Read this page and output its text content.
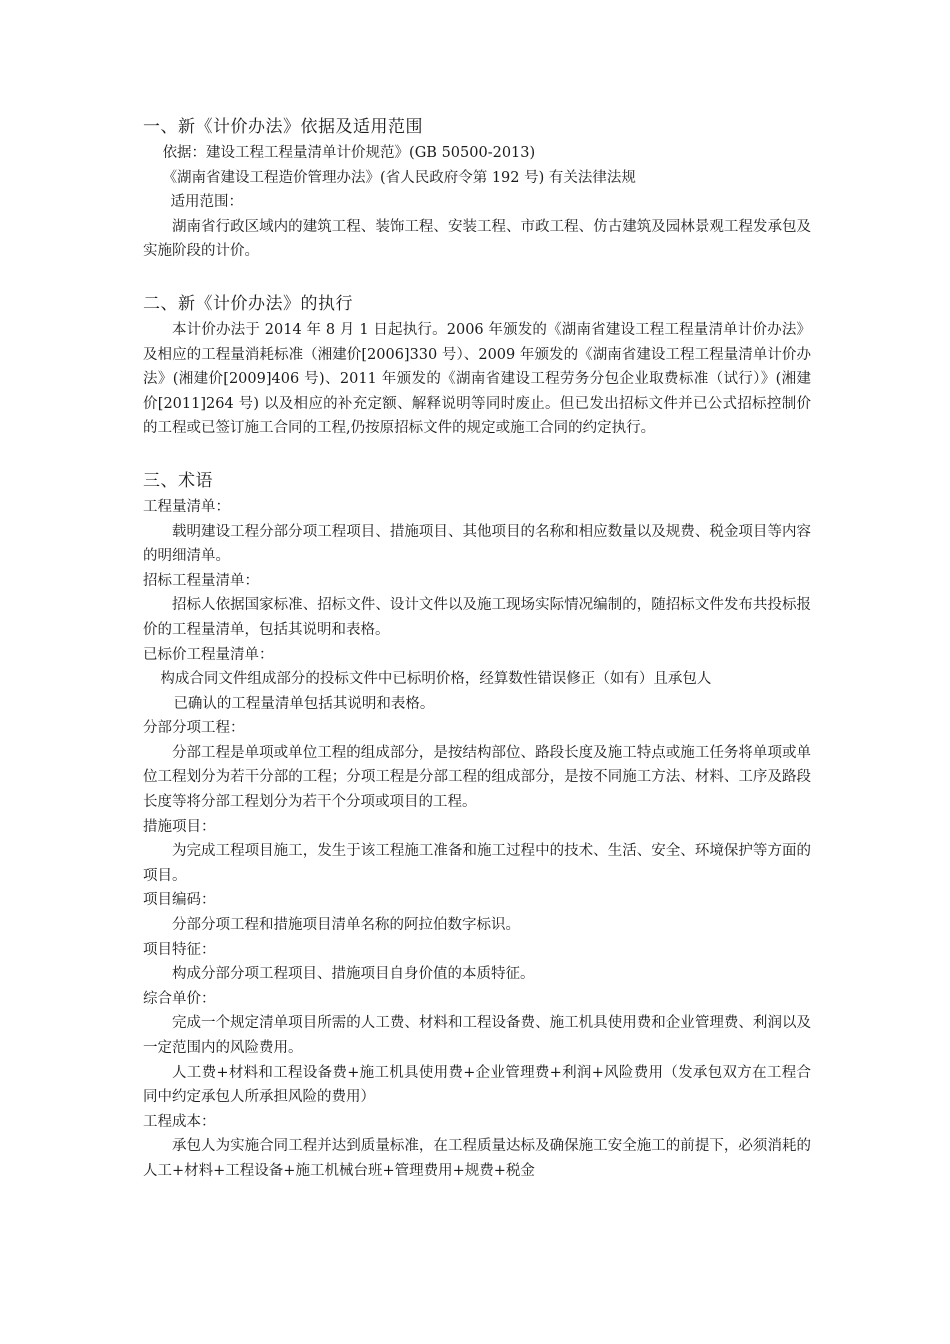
一、新《计价办法》依据及适用范围

依据：建设工程工程量清单计价规范》(GB 50500-2013)

《湖南省建设工程造价管理办法》(省人民政府令第 192 号) 有关法律法规

适用范围：

湖南省行政区域内的建筑工程、装饰工程、安装工程、市政工程、仿古建筑及园林景观工程发承包及实施阶段的计价。

二、新《计价办法》的执行

本计价办法于 2014 年 8 月 1 日起执行。2006 年颁发的《湖南省建设工程工程量清单计价办法》及相应的工程量消耗标准（湘建价[2006]330 号）、2009 年颁发的《湖南省建设工程工程量清单计价办法》(湘建价[2009]406 号)、2011 年颁发的《湖南省建设工程劳务分包企业取费标准（试行）》(湘建价[2011]264 号) 以及相应的补充定额、解释说明等同时废止。但已发出招标文件并已公式招标控制价的工程或已签订施工合同的工程,仍按原招标文件的规定或施工合同的约定执行。

三、术语

工程量清单：

载明建设工程分部分项工程项目、措施项目、其他项目的名称和相应数量以及规费、税金项目等内容的明细清单。

招标工程量清单：

招标人依据国家标准、招标文件、设计文件以及施工现场实际情况编制的，随招标文件发布共投标报价的工程量清单，包括其说明和表格。

已标价工程量清单：

构成合同文件组成部分的投标文件中已标明价格，经算数性错误修正（如有）且承包人

已确认的工程量清单包括其说明和表格。

分部分项工程：

分部工程是单项或单位工程的组成部分，是按结构部位、路段长度及施工特点或施工任务将单项或单位工程划分为若干分部的工程；分项工程是分部工程的组成部分，是按不同施工方法、材料、工序及路段长度等将分部工程划分为若干个分项或项目的工程。

措施项目：

为完成工程项目施工，发生于该工程施工准备和施工过程中的技术、生活、安全、环境保护等方面的项目。

项目编码：

分部分项工程和措施项目清单名称的阿拉伯数字标识。

项目特征：

构成分部分项工程项目、措施项目自身价值的本质特征。

综合单价：

完成一个规定清单项目所需的人工费、材料和工程设备费、施工机具使用费和企业管理费、利润以及一定范围内的风险费用。

人工费+材料和工程设备费+施工机具使用费+企业管理费+利润+风险费用（发承包双方在工程合同中约定承包人所承担风险的费用）

工程成本：

承包人为实施合同工程并达到质量标准，在工程质量达标及确保施工安全施工的前提下，必须消耗的人工+材料+工程设备+施工机械台班+管理费用+规费+税金
